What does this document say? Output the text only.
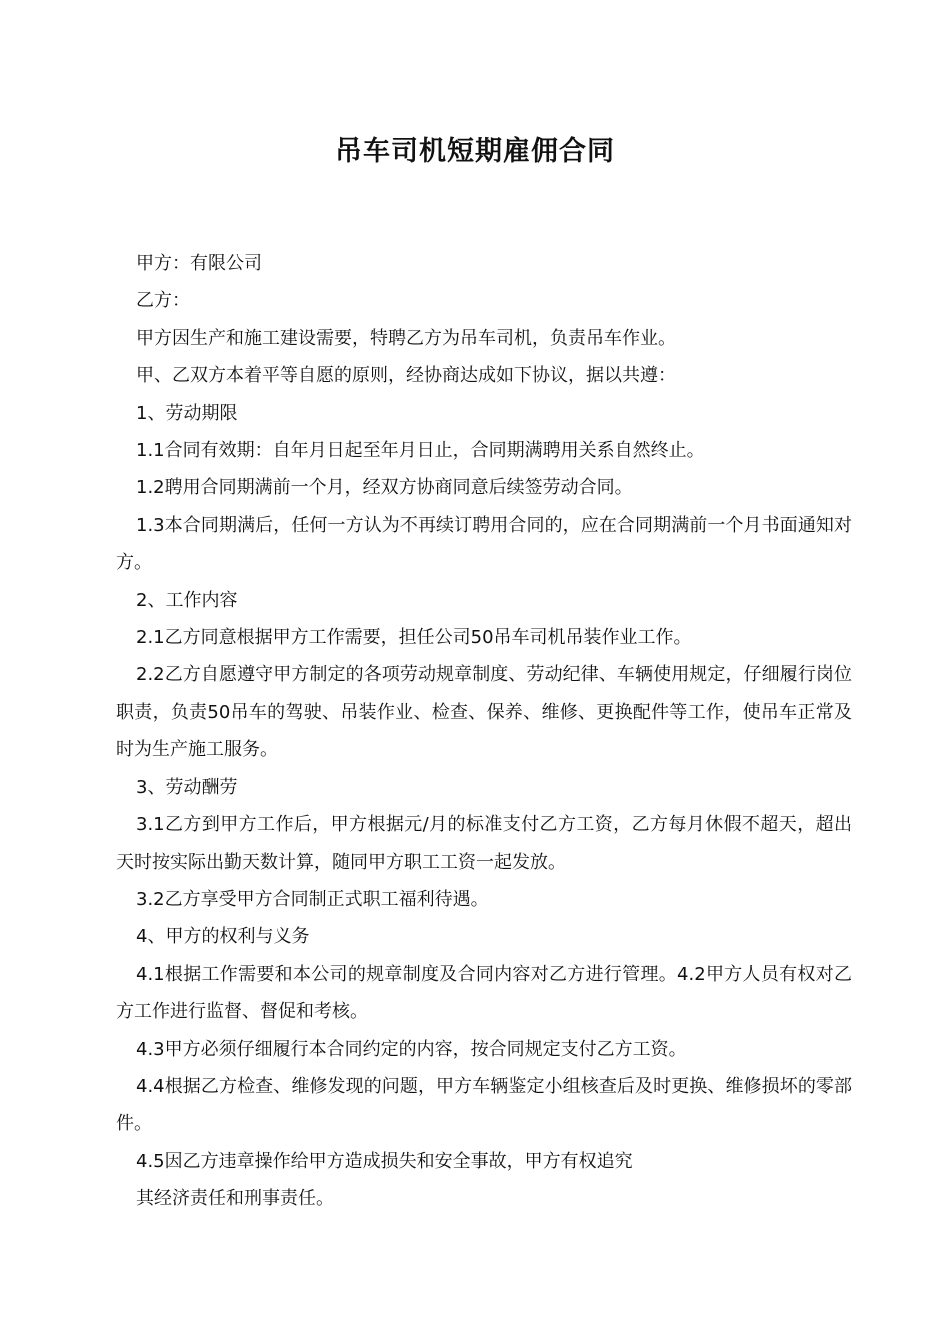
吊车司机短期雇佣合同

甲方：有限公司

乙方：

甲方因生产和施工建设需要，特聘乙方为吊车司机，负责吊车作业。

甲、乙双方本着平等自愿的原则，经协商达成如下协议，据以共遵：

1、劳动期限

1.1合同有效期：自年月日起至年月日止，合同期满聘用关系自然终止。

1.2聘用合同期满前一个月，经双方协商同意后续签劳动合同。

1.3本合同期满后，任何一方认为不再续订聘用合同的，应在合同期满前一个月书面通知对方。

2、工作内容

2.1乙方同意根据甲方工作需要，担任公司50吊车司机吊装作业工作。

2.2乙方自愿遵守甲方制定的各项劳动规章制度、劳动纪律、车辆使用规定，仔细履行岗位职责，负责50吊车的驾驶、吊装作业、检查、保养、维修、更换配件等工作，使吊车正常及时为生产施工服务。

3、劳动酬劳

3.1乙方到甲方工作后，甲方根据元/月的标准支付乙方工资，乙方每月休假不超天，超出天时按实际出勤天数计算，随同甲方职工工资一起发放。

3.2乙方享受甲方合同制正式职工福利待遇。

4、甲方的权利与义务

4.1根据工作需要和本公司的规章制度及合同内容对乙方进行管理。4.2甲方人员有权对乙方工作进行监督、督促和考核。

4.3甲方必须仔细履行本合同约定的内容，按合同规定支付乙方工资。

4.4根据乙方检查、维修发现的问题，甲方车辆鉴定小组核查后及时更换、维修损坏的零部件。

4.5因乙方违章操作给甲方造成损失和安全事故，甲方有权追究

其经济责任和刑事责任。
